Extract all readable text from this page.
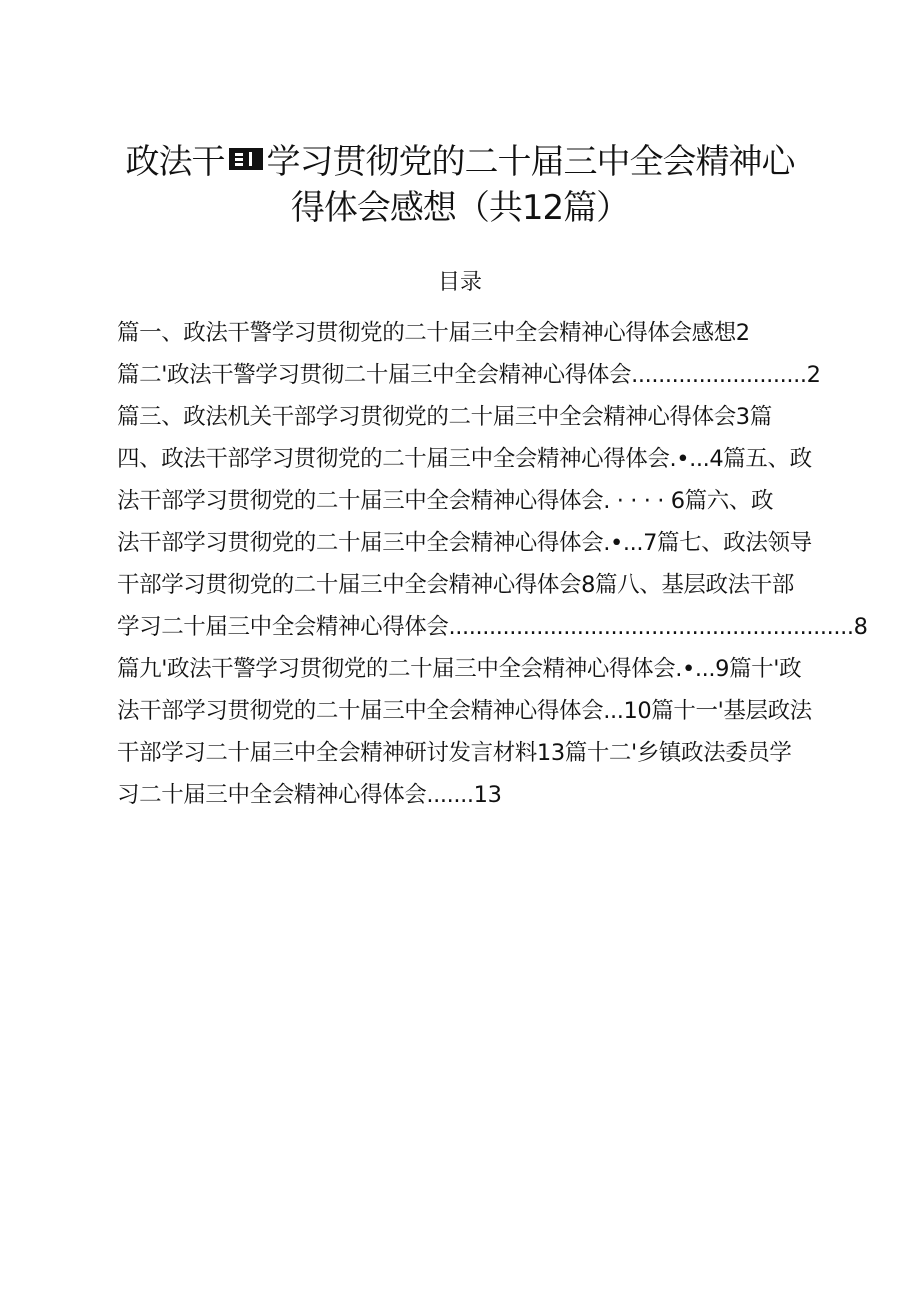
政法干 学习贯彻党的二十届三中全会精神心
得体会感想（共12篇）
目录
篇一、政法干警学习贯彻党的二十届三中全会精神心得体会感想2
篇二'政法干警学习贯彻二十届三中全会精神心得体会..........................2
篇三、政法机关干部学习贯彻党的二十届三中全会精神心得体会3篇
四、政法干部学习贯彻党的二十届三中全会精神心得体会.•...4篇五、政
法干部学习贯彻党的二十届三中全会精神心得体会. · · · · 6篇六、政
法干部学习贯彻党的二十届三中全会精神心得体会.•...7篇七、政法领导
干部学习贯彻党的二十届三中全会精神心得体会8篇八、基层政法干部
学习二十届三中全会精神心得体会............................................................8
篇九'政法干警学习贯彻党的二十届三中全会精神心得体会.•...9篇十'政
法干部学习贯彻党的二十届三中全会精神心得体会...10篇十一'基层政法
干部学习二十届三中全会精神研讨发言材料13篇十二'乡镇政法委员学
习二十届三中全会精神心得体会.......13
